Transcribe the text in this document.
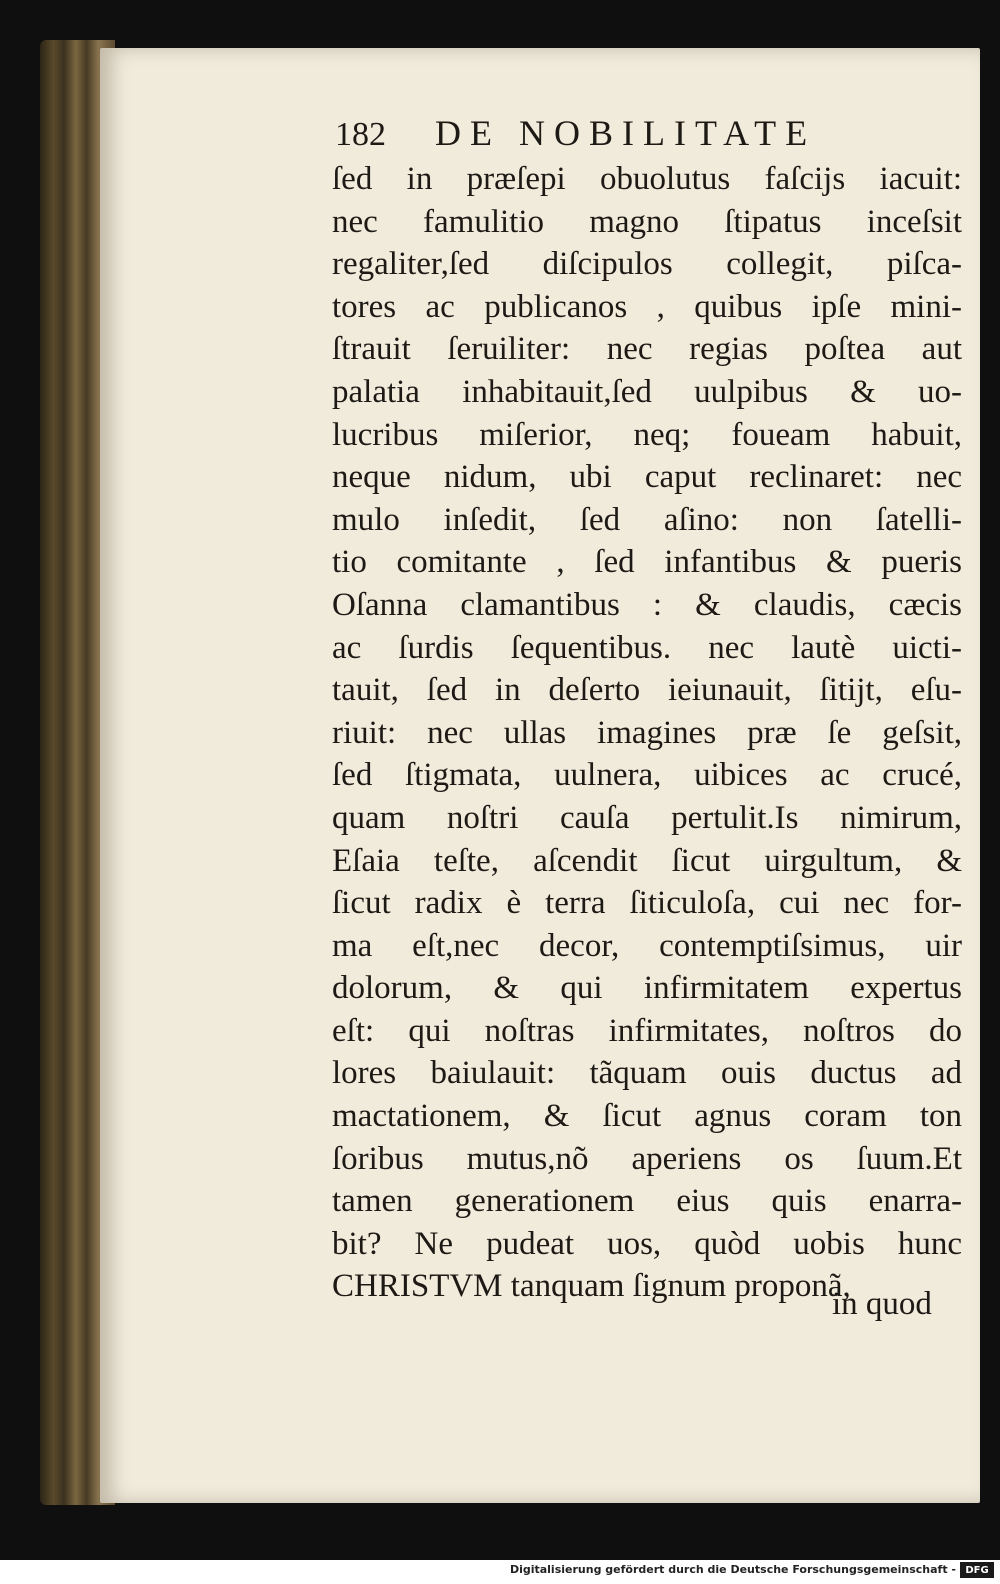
182	DE NOBILITATE
ſed in præſepi obuolutus faſcijs iacuit:
nec famulitio magno ſtipatus inceſsit
regaliter,ſed diſcipulos collegit, piſca-
tores ac publicanos , quibus ipſe mini-
ſtrauit ſeruiliter: nec regias poſtea aut
palatia inhabitauit,ſed uulpibus & uo-
lucribus miſerior, neq; foueam habuit,
neque nidum, ubi caput reclinaret: nec
mulo inſedit, ſed aſino: non ſatelli-
tio comitante , ſed infantibus & pueris
Oſanna clamantibus : & claudis, cæcis
ac ſurdis ſequentibus. nec lautè uicti-
tauit, ſed in deſerto ieiunauit, ſitijt, eſu-
riuit: nec ullas imagines præ ſe geſsit,
ſed ſtigmata, uulnera, uibices ac crucé,
quam noſtri cauſa pertulit.Is nimirum,
Eſaia teſte, aſcendit ſicut uirgultum, &
ſicut radix è terra ſiticuloſa, cui nec for-
ma eſt,nec decor, contemptiſsimus, uir
dolorum, & qui infirmitatem expertus
eſt: qui noſtras infirmitates, noſtros do
lores baiulauit: tãquam ouis ductus ad
mactationem, & ſicut agnus coram ton
ſoribus mutus,nõ aperiens os ſuum.Et
tamen generationem eius quis enarra-
bit? Ne pudeat uos, quòd uobis hunc
CHRISTVM tanquam ſignum proponã,
in quod
Digitalisierung gefördert durch die Deutsche Forschungsgemeinschaft - DFG
